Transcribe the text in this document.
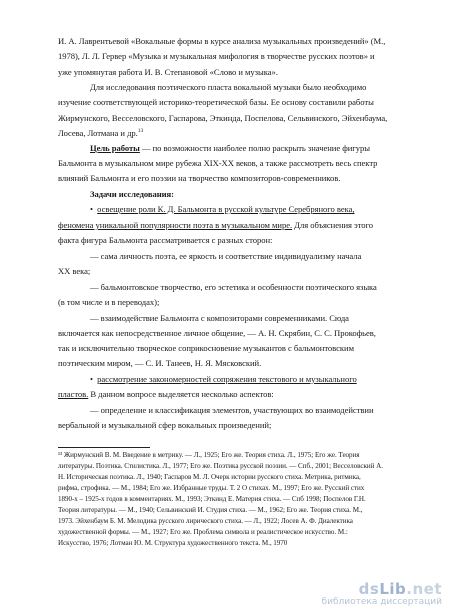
И. А. Лаврентьевой «Вокальные формы в курсе анализа музыкальных произведений» (М.,
1978), Л. Л. Гервер «Музыка и музыкальная мифология в творчестве русских поэтов» и
уже упомянутая работа И. В. Степановой «Слово и музыка».
Для исследования поэтического пласта вокальной музыки было необходимо
изучение соответствующей историко-теоретической базы. Ее основу составили работы
Жирмунского, Весселовского, Гаспарова, Эткинда, Поспелова, Сельвинского, Эйхенбаума,
Лосева, Лотмана и др.$^{13}$
Цель работы — по возможности наиболее полно раскрыть значение фигуры
Бальмонта в музыкальном мире рубежа XIX-XX веков, а также рассмотреть весь спектр
влияний Бальмонта и его поэзии на творчество композиторов-современников.
Задачи исследования:
• освещение роли К. Д. Бальмонта в русской культуре Серебряного века,
феномена уникальной популярности поэта в музыкальном мире. Для объяснения этого
факта фигура Бальмонта рассматривается с разных сторон:
— сама личность поэта, ее яркость и соответствие индивидуализму начала
XX века;
— бальмонтовское творчество, его эстетика и особенности поэтического языка
(в том числе и в переводах);
— взаимодействие Бальмонта с композиторами современниками. Сюда
включается как непосредственное личное общение, — А. Н. Скрябин, С. С. Прокофьев,
так и исключительно творческое соприкосновение музыкантов с бальмонтовским
поэтическим миром, — С. И. Танеев, Н. Я. Мясковский.
• рассмотрение закономерностей сопряжения текстового и музыкального
пластов. В данном вопросе выделяется несколько аспектов:
— определение и классификация элементов, участвующих во взаимодействии
вербальной и музыкальной сфер вокальных произведений;
¹³ Жирмунский В. М. Введение в метрику. — Л., 1925; Его же. Теория стиха. Л., 1975; Его же. Теория
литературы. Поэтика. Стилистика. Л., 1977; Его же. Поэтика русской поэзии. — Спб., 2001; Весселовский А.
Н. Историческая поэтика. Л., 1940; Гаспаров М. Л. Очерк истории русского стиха. Метрика, ритмика,
рифма, строфика. — М., 1984; Его же. Избранные труды. Т. 2 О стихах. М., 1997; Его же. Русский стих
1890-х – 1925-х годов в комментариях. М., 1993; Эткинд Е. Материя стиха. — Спб 1998; Поспелов Г.Н.
Теория литературы. — М., 1940; Сельвинский И. Студия стиха. — М., 1962; Его же. Теория стиха. М.,
1973. Эйхенбаум Б. М. Мелодика русского лирического стиха. — Л., 1922; Лосев А. Ф. Диалектика
художественной формы. — М., 1927; Его же. Проблема символа и реалистическое искусство. М.:
Искусство, 1976; Лотман Ю. М. Структура художественного текста. М., 1970
dsLib.net
библиотека диссертаций
